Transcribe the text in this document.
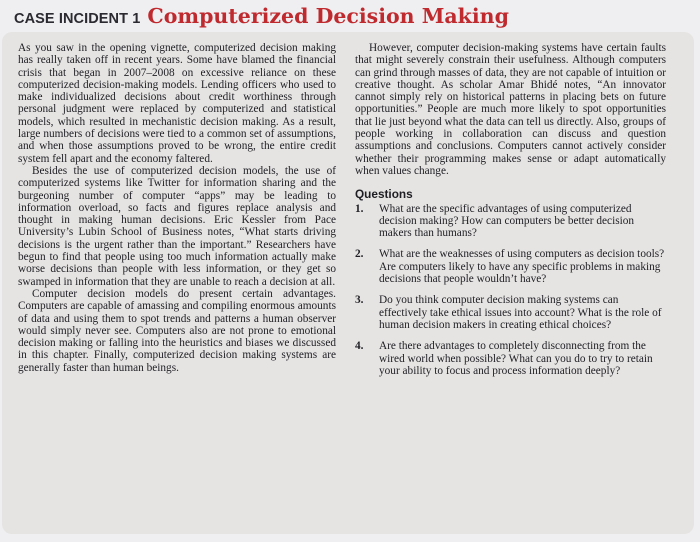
CASE INCIDENT 1 Computerized Decision Making

As you saw in the opening vignette, computerized decision making has really taken off in recent years. Some have blamed the financial crisis that began in 2007–2008 on excessive reliance on these computerized decision-making models. Lending officers who used to make individualized decisions about credit worthiness through personal judgment were replaced by computerized and statistical models, which resulted in mechanistic decision making. As a result, large numbers of decisions were tied to a common set of assumptions, and when those assumptions proved to be wrong, the entire credit system fell apart and the economy faltered.

Besides the use of computerized decision models, the use of computerized systems like Twitter for information sharing and the burgeoning number of computer “apps” may be leading to information overload, so facts and figures replace analysis and thought in making human decisions. Eric Kessler from Pace University’s Lubin School of Business notes, “What starts driving decisions is the urgent rather than the important.” Researchers have begun to find that people using too much information actually make worse decisions than people with less information, or they get so swamped in information that they are unable to reach a decision at all.

Computer decision models do present certain advantages. Computers are capable of amassing and compiling enormous amounts of data and using them to spot trends and patterns a human observer would simply never see. Computers also are not prone to emotional decision making or falling into the heuristics and biases we discussed in this chapter. Finally, computerized decision making systems are generally faster than human beings.

However, computer decision-making systems have certain faults that might severely constrain their usefulness. Although computers can grind through masses of data, they are not capable of intuition or creative thought. As scholar Amar Bhidé notes, “An innovator cannot simply rely on historical patterns in placing bets on future opportunities.” People are much more likely to spot opportunities that lie just beyond what the data can tell us directly. Also, groups of people working in collaboration can discuss and question assumptions and conclusions. Computers cannot actively consider whether their programming makes sense or adapt automatically when values change.

Questions
1.	What are the specific advantages of using computerized decision making? How can computers be better decision makers than humans?
2.	What are the weaknesses of using computers as decision tools? Are computers likely to have any specific problems in making decisions that people wouldn’t have?
3.	Do you think computer decision making systems can effectively take ethical issues into account? What is the role of human decision makers in creating ethical choices?
4.	Are there advantages to completely disconnecting from the wired world when possible? What can you do to try to retain your ability to focus and process information deeply?
